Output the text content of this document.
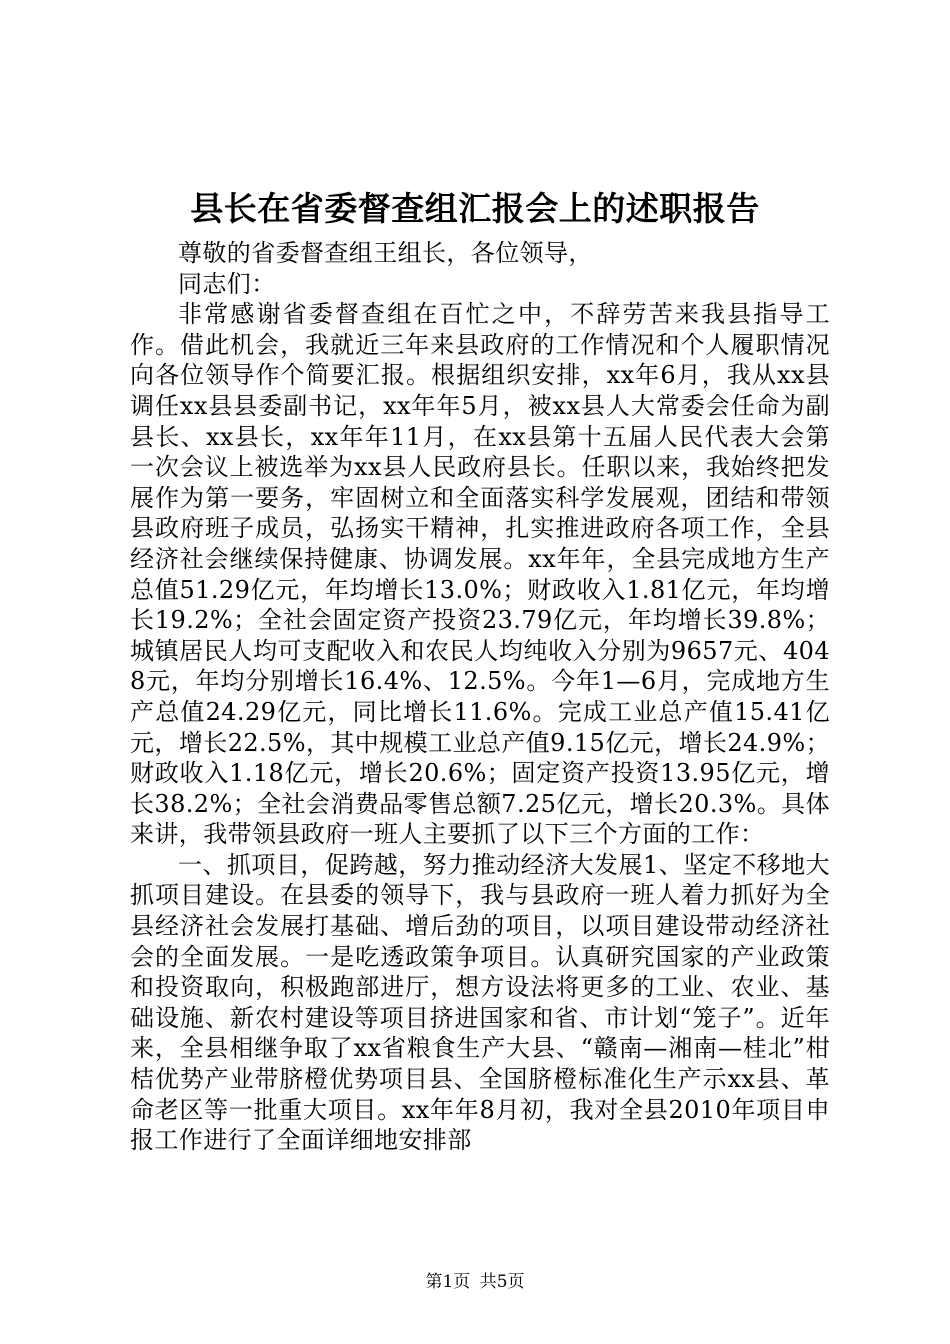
县长在省委督查组汇报会上的述职报告

尊敬的省委督查组王组长，各位领导，

同志们：

非常感谢省委督查组在百忙之中，不辞劳苦来我县指导工作。借此机会，我就近三年来县政府的工作情况和个人履职情况向各位领导作个简要汇报。根据组织安排，xx年6月，我从xx县调任xx县县委副书记，xx年年5月，被xx县人大常委会任命为副县长、xx县长，xx年年11月，在xx县第十五届人民代表大会第一次会议上被选举为xx县人民政府县长。任职以来，我始终把发展作为第一要务，牢固树立和全面落实科学发展观，团结和带领县政府班子成员，弘扬实干精神，扎实推进政府各项工作，全县经济社会继续保持健康、协调发展。xx年年，全县完成地方生产总值51.29亿元，年均增长13.0%；财政收入1.81亿元，年均增长19.2%；全社会固定资产投资23.79亿元，年均增长39.8%；城镇居民人均可支配收入和农民人均纯收入分别为9657元、4048元，年均分别增长16.4%、12.5%。今年1—6月，完成地方生产总值24.29亿元，同比增长11.6%。完成工业总产值15.41亿元，增长22.5%，其中规模工业总产值9.15亿元，增长24.9%；财政收入1.18亿元，增长20.6%；固定资产投资13.95亿元，增长38.2%；全社会消费品零售总额7.25亿元，增长20.3%。具体来讲，我带领县政府一班人主要抓了以下三个方面的工作：

一、抓项目，促跨越，努力推动经济大发展1、坚定不移地大抓项目建设。在县委的领导下，我与县政府一班人着力抓好为全县经济社会发展打基础、增后劲的项目，以项目建设带动经济社会的全面发展。一是吃透政策争项目。认真研究国家的产业政策和投资取向，积极跑部进厅，想方设法将更多的工业、农业、基础设施、新农村建设等项目挤进国家和省、市计划“笼子”。近年来，全县相继争取了xx省粮食生产大县、“赣南—湘南—桂北”柑桔优势产业带脐橙优势项目县、全国脐橙标准化生产示xx县、革命老区等一批重大项目。xx年年8月初，我对全县2010年项目申报工作进行了全面详细地安排部

第1页 共5页
